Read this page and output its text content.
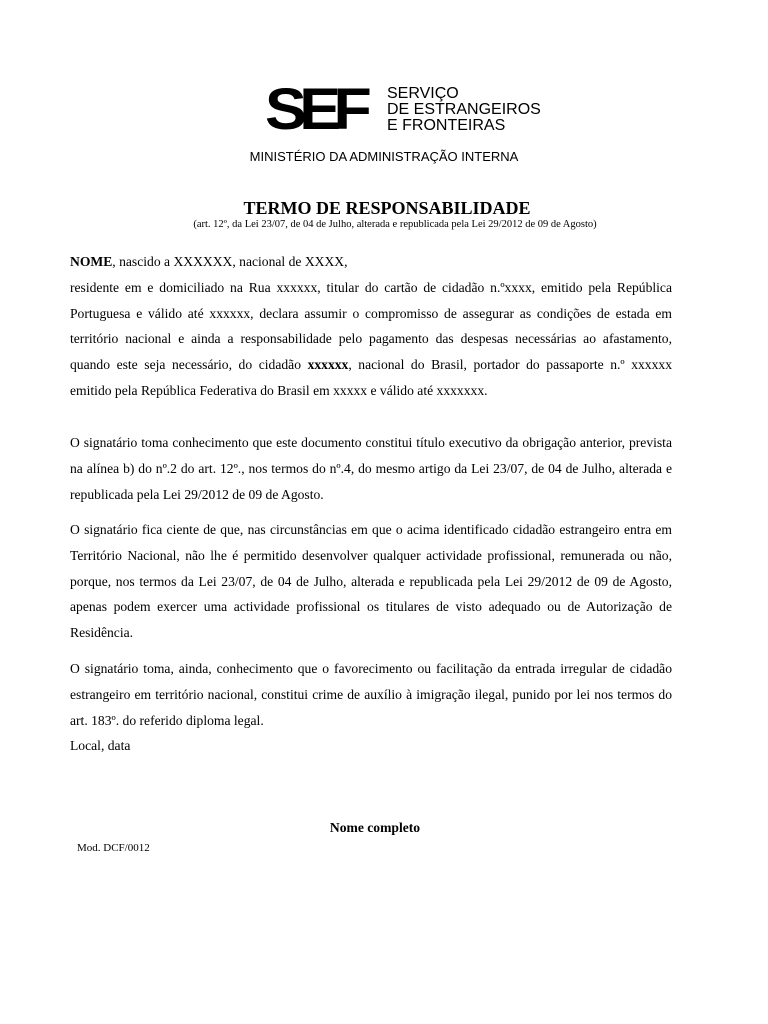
SEF SERVIÇO
DE ESTRANGEIROS
E FRONTEIRAS
MINISTÉRIO DA ADMINISTRAÇÃO INTERNA
TERMO DE RESPONSABILIDADE
(art. 12º, da Lei 23/07, de 04 de Julho, alterada e republicada pela Lei 29/2012 de 09 de Agosto)
NOME, nascido a XXXXXX, nacional de XXXX,
residente em e domiciliado na Rua xxxxxx, titular do cartão de cidadão n.ºxxxx, emitido pela República Portuguesa e válido até xxxxxx, declara assumir o compromisso de assegurar as condições de estada em território nacional e ainda a responsabilidade pelo pagamento das despesas necessárias ao afastamento, quando este seja necessário, do cidadão xxxxxx, nacional do Brasil, portador do passaporte n.º xxxxxx emitido pela República Federativa do Brasil em xxxxx e válido até xxxxxxx.
O signatário toma conhecimento que este documento constitui título executivo da obrigação anterior, prevista na alínea b) do nº.2 do art. 12º., nos termos do nº.4, do mesmo artigo da Lei 23/07, de 04 de Julho, alterada e republicada pela Lei 29/2012 de 09 de Agosto.
O signatário fica ciente de que, nas circunstâncias em que o acima identificado cidadão estrangeiro entra em Território Nacional, não lhe é permitido desenvolver qualquer actividade profissional, remunerada ou não, porque, nos termos da Lei 23/07, de 04 de Julho, alterada e republicada pela Lei 29/2012 de 09 de Agosto, apenas podem exercer uma actividade profissional os titulares de visto adequado ou de Autorização de Residência.
O signatário toma, ainda, conhecimento que o favorecimento ou facilitação da entrada irregular de cidadão estrangeiro em território nacional, constitui crime de auxílio à imigração ilegal, punido por lei nos termos do art. 183º. do referido diploma legal.
Local, data
Nome completo
Mod. DCF/0012
